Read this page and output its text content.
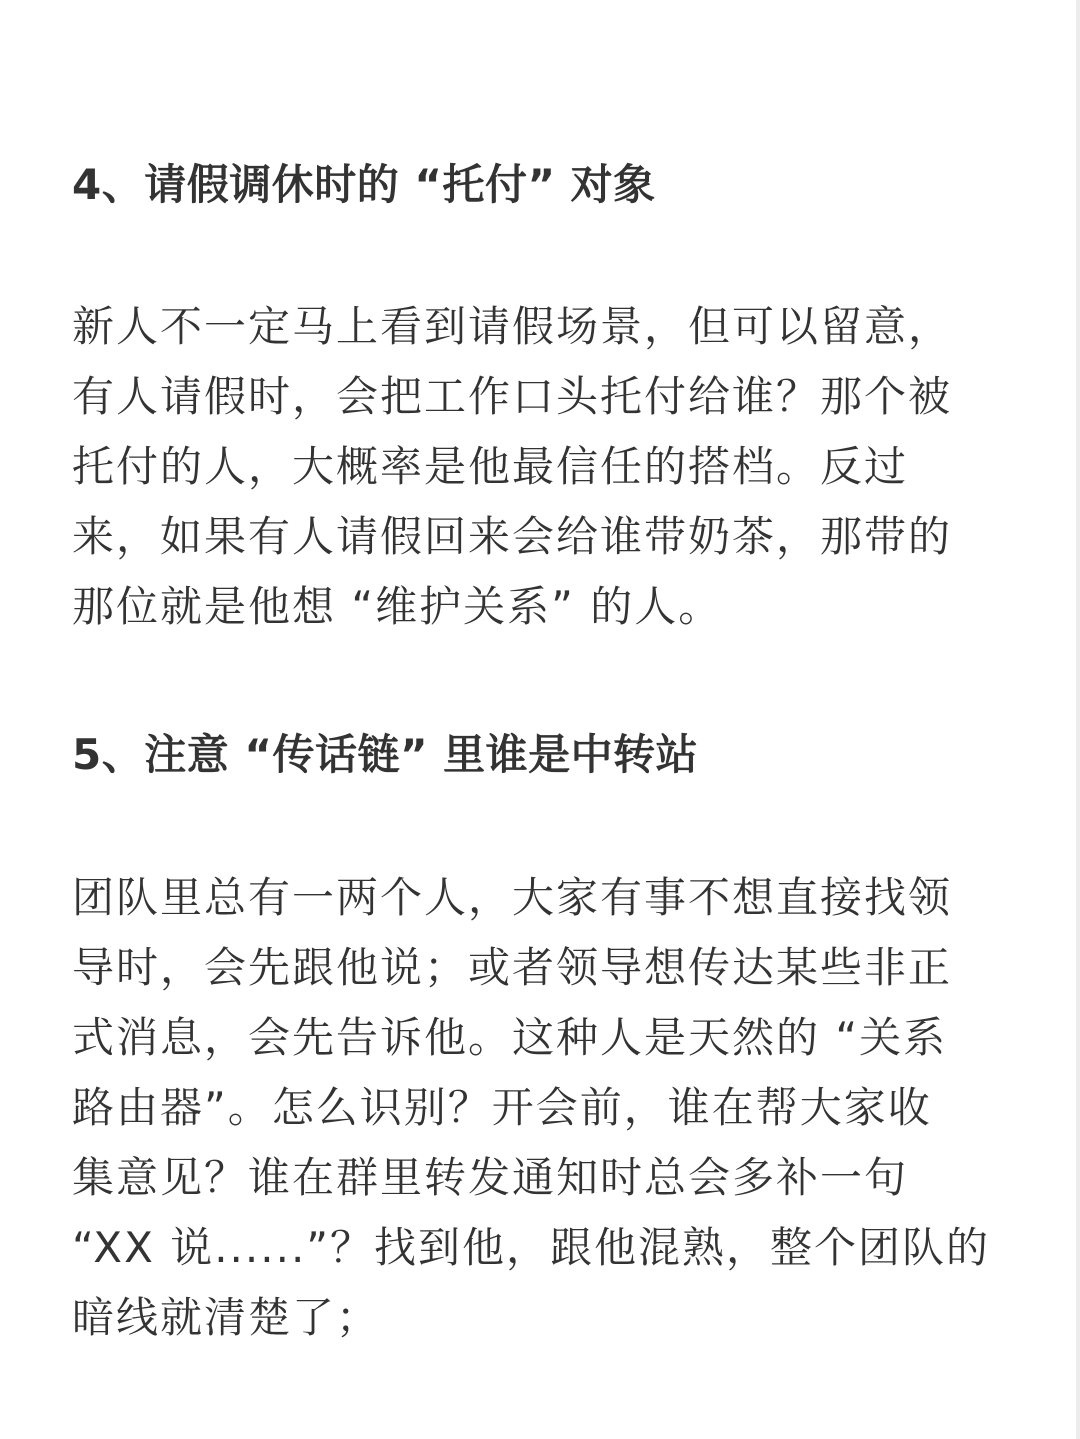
4、请假调休时的 “托付” 对象
新人不一定马上看到请假场景，但可以留意，
有人请假时，会把工作口头托付给谁？那个被
托付的人，大概率是他最信任的搭档。反过
来，如果有人请假回来会给谁带奶茶，那带的
那位就是他想 “维护关系” 的人。
5、注意 “传话链” 里谁是中转站
团队里总有一两个人，大家有事不想直接找领
导时，会先跟他说；或者领导想传达某些非正
式消息，会先告诉他。这种人是天然的 “关系
路由器”。怎么识别？开会前，谁在帮大家收
集意见？谁在群里转发通知时总会多补一句
“XX 说......”？找到他，跟他混熟，整个团队的
暗线就清楚了；
